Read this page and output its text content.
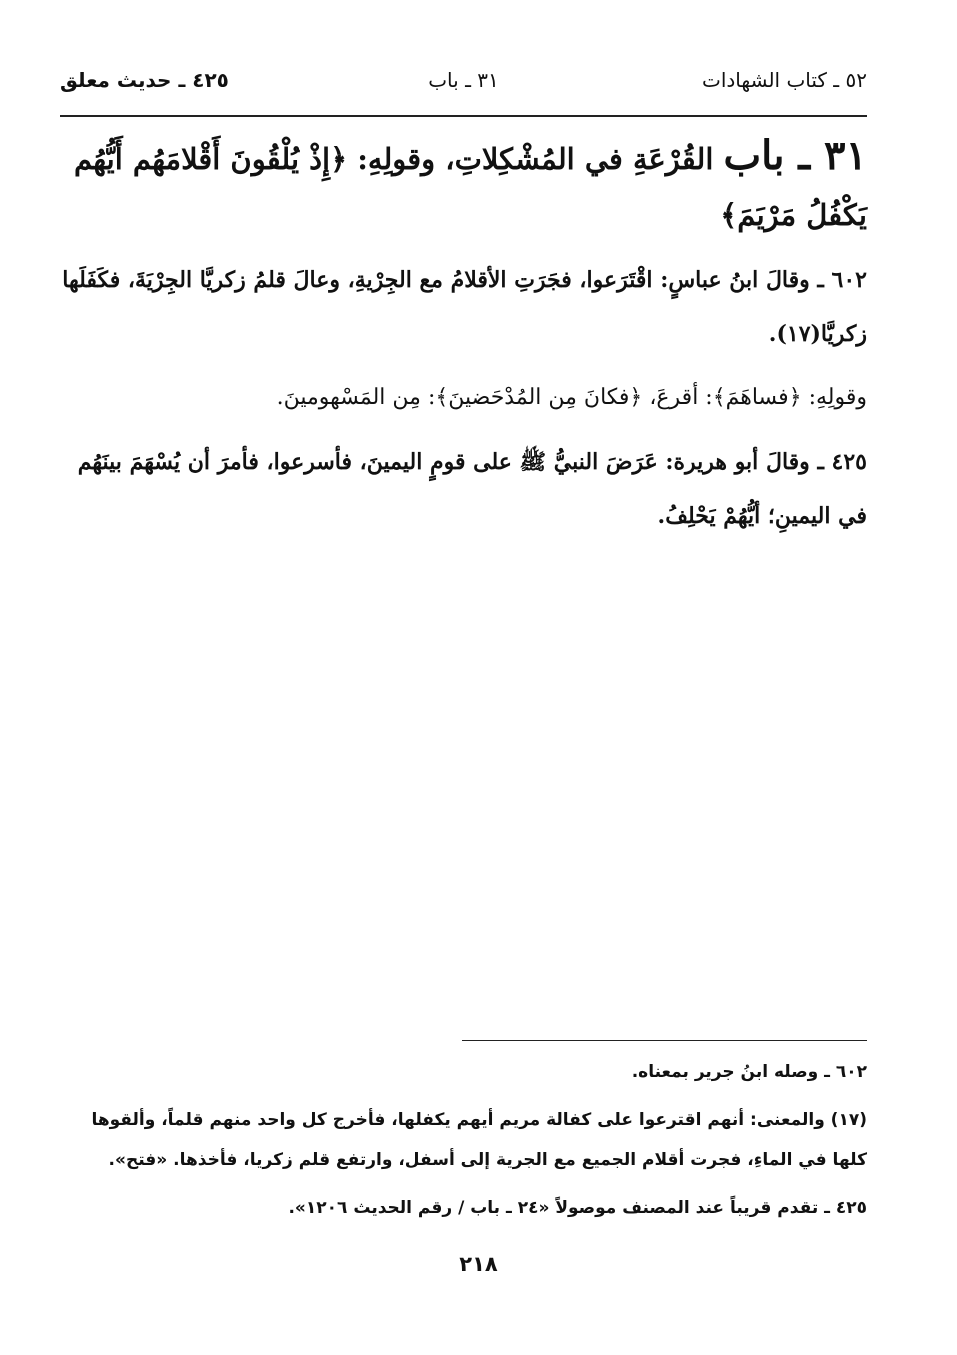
٥٢ ـ كتاب الشهادات
٣١ ـ باب
٤٢٥ ـ حديث معلق

٣١ ـ باب القُرْعَةِ في المُشْكِلاتِ، وقولِهِ: ﴿إِذْ يُلْقُونَ أَقْلامَهُم أَيُّهُم يَكْفُلُ مَرْيَمَ﴾

٦٠٢ ـ وقالَ ابنُ عباسٍ: اقْتَرَعوا، فجَرَتِ الأقلامُ مع الجِرْيةِ، وعالَ قلمُ زكريَّا الجِرْيَةَ، فكَفَلَها زكريَّا(١٧).

وقولِهِ: ﴿فساهَمَ﴾: أقرعَ، ﴿فكانَ مِن المُدْحَضينَ﴾: مِن المَسْهومينَ.

٤٢٥ ـ وقالَ أبو هريرة: عَرَضَ النبيُّ ﷺ على قومٍ اليمينَ، فأسرعوا، فأمرَ أن يُسْهَمَ بينَهُم في اليمينِ؛ أيُّهُمْ يَحْلِفُ.

٦٠٢ ـ وصله ابنُ جرير بمعناه.

(١٧) والمعنى: أنهم اقترعوا على كفالة مريم أيهم يكفلها، فأخرج كل واحد منهم قلماً، وألقوها كلها في الماءِ، فجرت أقلام الجميع مع الجرية إلى أسفل، وارتفع قلم زكريا، فأخذها. «فتح».

٤٢٥ ـ تقدم قريباً عند المصنف موصولاً «٢٤ ـ باب / رقم الحديث ١٢٠٦».

٢١٨
